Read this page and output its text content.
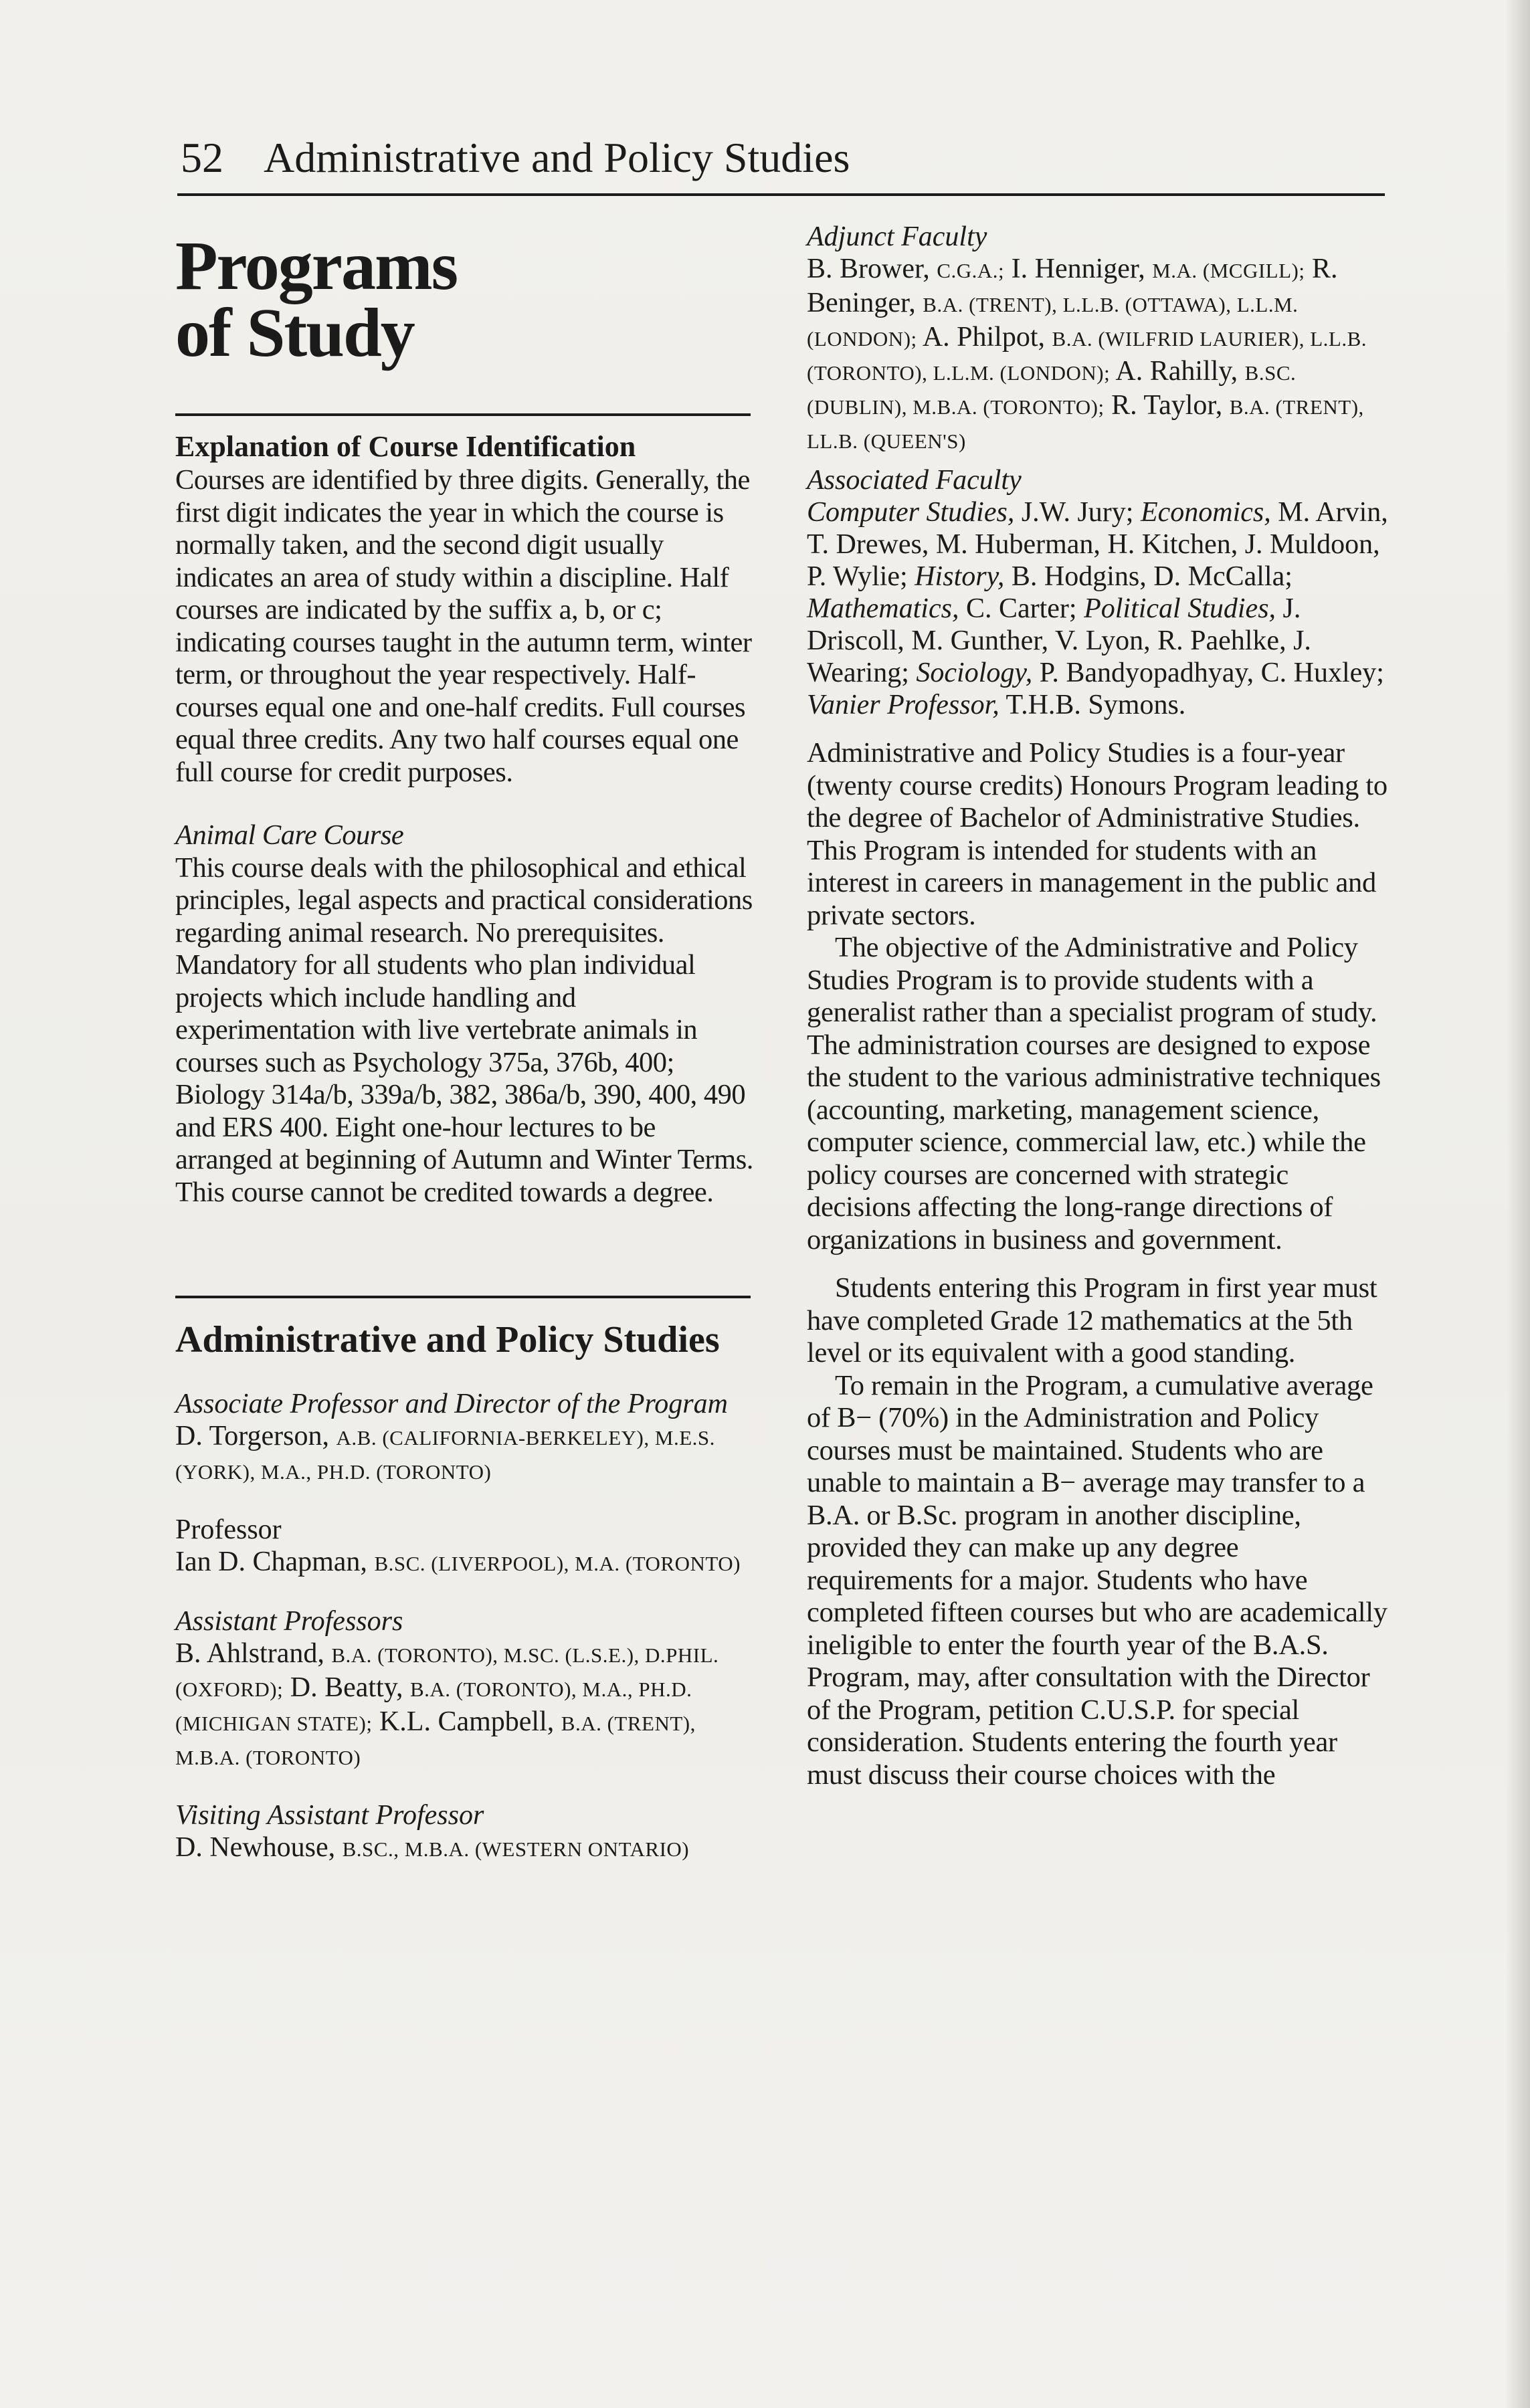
52 Administrative and Policy Studies
Programs
of Study
Explanation of Course Identification

Courses are identified by three digits. Generally, the first digit indicates the year in which the course is normally taken, and the second digit usually indicates an area of study within a discipline. Half courses are indicated by the suffix a, b, or c; indicating courses taught in the autumn term, winter term, or throughout the year respectively. Half-courses equal one and one-half credits. Full courses equal three credits. Any two half courses equal one full course for credit purposes.

Animal Care Course

This course deals with the philosophical and ethical principles, legal aspects and practical considerations regarding animal research. No prerequisites. Mandatory for all students who plan individual projects which include handling and experimentation with live vertebrate animals in courses such as Psychology 375a, 376b, 400; Biology 314a/b, 339a/b, 382, 386a/b, 390, 400, 490 and ERS 400. Eight one-hour lectures to be arranged at beginning of Autumn and Winter Terms. This course cannot be credited towards a degree.

Administrative and Policy Studies
Associate Professor and Director of the Program
D. Torgerson, A.B. (CALIFORNIA-BERKELEY), M.E.S. (YORK), M.A., PH.D. (TORONTO)
Professor
Ian D. Chapman, B.SC. (LIVERPOOL), M.A. (TORONTO)
Assistant Professors
B. Ahlstrand, B.A. (TORONTO), M.SC. (L.S.E.), D.PHIL. (OXFORD); D. Beatty, B.A. (TORONTO), M.A., PH.D. (MICHIGAN STATE); K.L. Campbell, B.A. (TRENT), M.B.A. (TORONTO)
Visiting Assistant Professor
D. Newhouse, B.SC., M.B.A. (WESTERN ONTARIO)
Adjunct Faculty
B. Brower, C.G.A.; I. Henniger, M.A. (MCGILL); R. Beninger, B.A. (TRENT), L.L.B. (OTTAWA), L.L.M. (LONDON); A. Philpot, B.A. (WILFRID LAURIER), L.L.B. (TORONTO), L.L.M. (LONDON); A. Rahilly, B.SC. (DUBLIN), M.B.A. (TORONTO); R. Taylor, B.A. (TRENT), LL.B. (QUEEN'S)
Associated Faculty
Computer Studies, J.W. Jury; Economics, M. Arvin, T. Drewes, M. Huberman, H. Kitchen, J. Muldoon, P. Wylie; History, B. Hodgins, D. McCalla; Mathematics, C. Carter; Political Studies, J. Driscoll, M. Gunther, V. Lyon, R. Paehlke, J. Wearing; Sociology, P. Bandyopadhyay, C. Huxley; Vanier Professor, T.H.B. Symons.

Administrative and Policy Studies is a four-year (twenty course credits) Honours Program leading to the degree of Bachelor of Administrative Studies. This Program is intended for students with an interest in careers in management in the public and private sectors.

The objective of the Administrative and Policy Studies Program is to provide students with a generalist rather than a specialist program of study. The administration courses are designed to expose the student to the various administrative techniques (accounting, marketing, management science, computer science, commercial law, etc.) while the policy courses are concerned with strategic decisions affecting the long-range directions of organizations in business and government.

Students entering this Program in first year must have completed Grade 12 mathematics at the 5th level or its equivalent with a good standing.

To remain in the Program, a cumulative average of B− (70%) in the Administration and Policy courses must be maintained. Students who are unable to maintain a B− average may transfer to a B.A. or B.Sc. program in another discipline, provided they can make up any degree requirements for a major. Students who have completed fifteen courses but who are academically ineligible to enter the fourth year of the B.A.S. Program, may, after consultation with the Director of the Program, petition C.U.S.P. for special consideration. Students entering the fourth year must discuss their course choices with the
